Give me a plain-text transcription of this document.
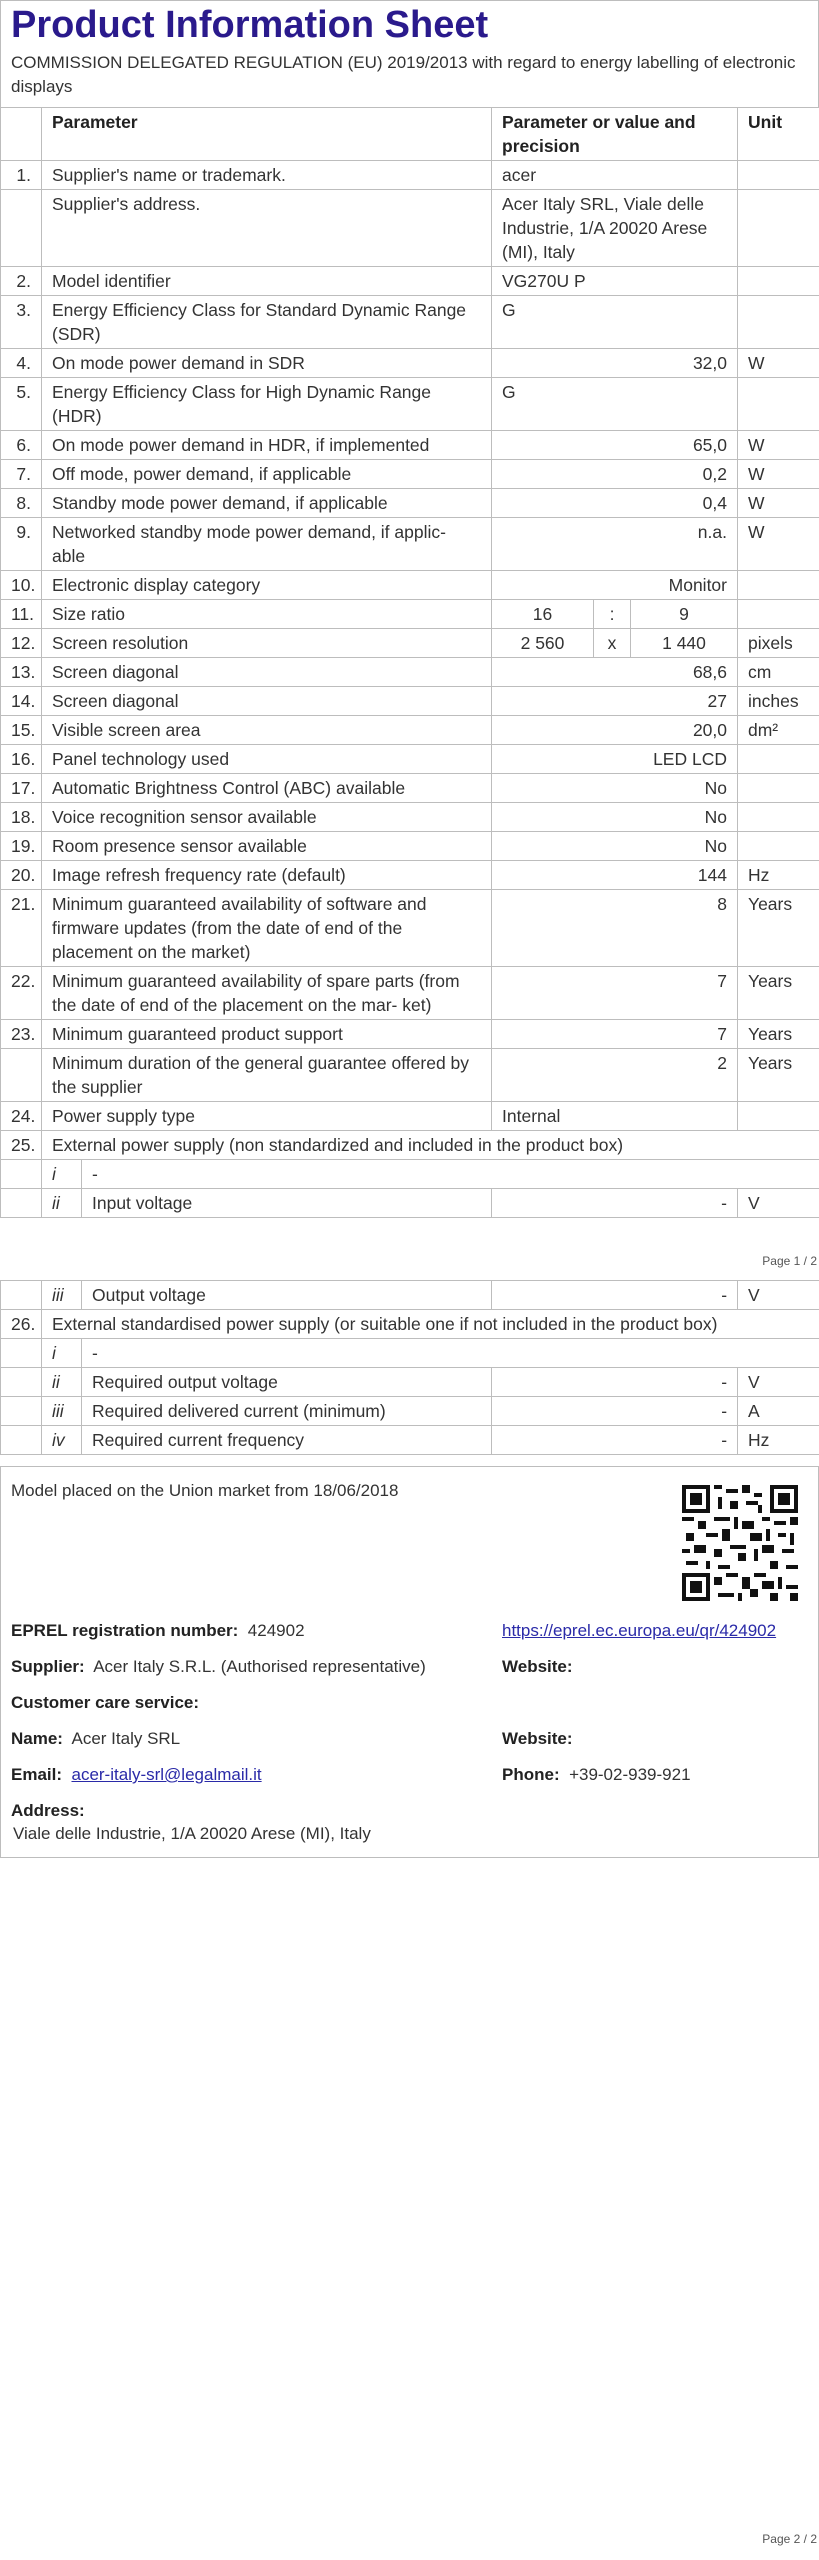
Product Information Sheet
COMMISSION DELEGATED REGULATION (EU) 2019/2013 with regard to energy labelling of electronic displays
	Parameter		Parameter or value and precision			Unit
1.	Supplier's name or trademark.		acer			
	Supplier's address.		Acer Italy SRL, Viale delle Industrie, 1/A 20020 Arese (MI), Italy			
2.	Model identifier		VG270U P			
3.	Energy Efficiency Class for Standard Dynamic Range (SDR)		G			
4.	On mode power demand in SDR		32,0			W
5.	Energy Efficiency Class for High Dynamic Range (HDR)		G			
6.	On mode power demand in HDR, if implemented		65,0			W
7.	Off mode, power demand, if applicable		0,2			W
8.	Standby mode power demand, if applicable		0,4			W
9.	Networked standby mode power demand, if applic- able		n.a.			W
10.	Electronic display category		Monitor			
11.	Size ratio		16	:	9	
12.	Screen resolution		2 560	x	1 440	pixels
13.	Screen diagonal		68,6			cm
14.	Screen diagonal		27			inches
15.	Visible screen area		20,0			dm²
16.	Panel technology used		LED LCD			
17.	Automatic Brightness Control (ABC) available		No			
18.	Voice recognition sensor available		No			
19.	Room presence sensor available		No			
20.	Image refresh frequency rate (default)		144			Hz
21.	Minimum guaranteed availability of software and firmware updates (from the date of end of the placement on the market)		8			Years
22.	Minimum guaranteed availability of spare parts (from the date of end of the placement on the mar- ket)		7			Years
23.	Minimum guaranteed product support		7			Years
	Minimum duration of the general guarantee offered by the supplier		2			Years
24.	Power supply type		Internal			
25.	External power supply (non standardized and included in the product box)					
	i	-				
	ii	Input voltage	-			V
Page 1 / 2
	iii	Output voltage	-	V
26.	External standardised power supply (or suitable one if not included in the product box)			
	i	-		
	ii	Required output voltage	-	V
	iii	Required delivered current (minimum)	-	A
	iv	Required current frequency	-	Hz
Model placed on the Union market from 18/06/2018
EPREL registration number: 424902	https://eprel.ec.europa.eu/qr/424902
Supplier: Acer Italy S.R.L. (Authorised representative)	Website:
Customer care service:
Name: Acer Italy SRL	Website:
Email: acer-italy-srl@legalmail.it	Phone: +39-02-939-921
Address:
Viale delle Industrie, 1/A 20020 Arese (MI), Italy
Page 2 / 2
